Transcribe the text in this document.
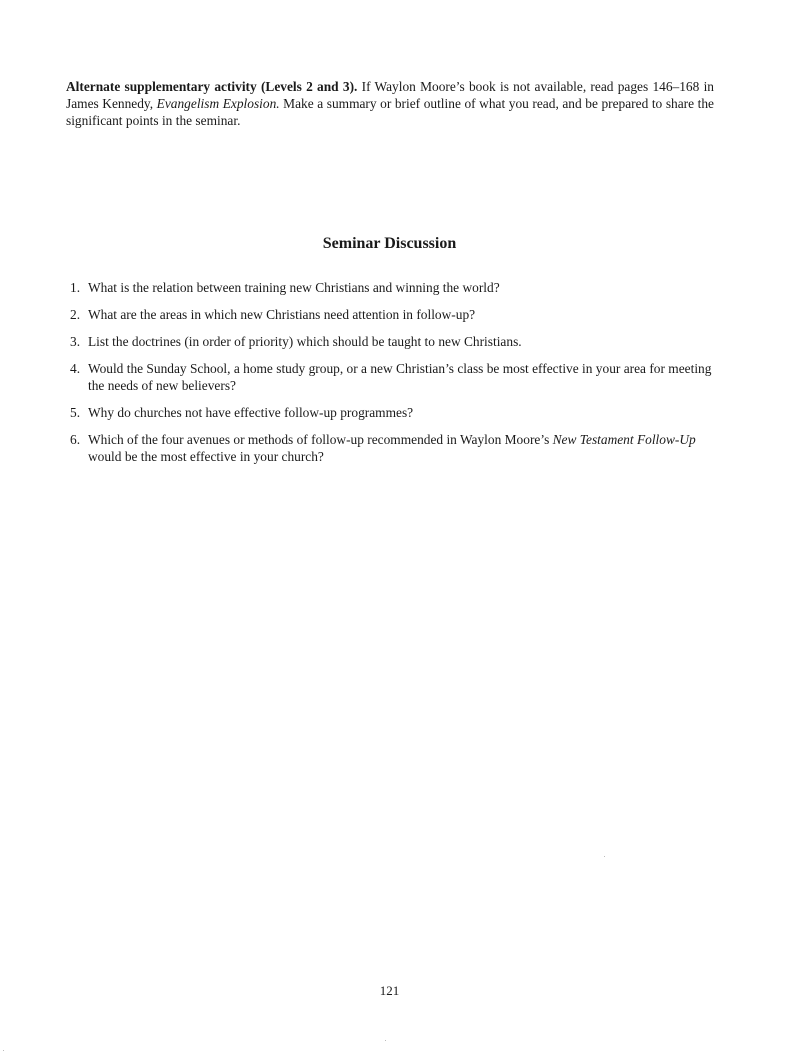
Alternate supplementary activity (Levels 2 and 3). If Waylon Moore’s book is not available, read pages 146–168 in James Kennedy, Evangelism Explosion. Make a summary or brief outline of what you read, and be prepared to share the significant points in the seminar.

Seminar Discussion
1. What is the relation between training new Christians and winning the world?
2. What are the areas in which new Christians need attention in follow-up?
3. List the doctrines (in order of priority) which should be taught to new Christians.
4. Would the Sunday School, a home study group, or a new Christian’s class be most effective in your area for meeting the needs of new believers?
5. Why do churches not have effective follow-up programmes?
6. Which of the four avenues or methods of follow-up recommended in Waylon Moore’s New Testament Follow-Up would be the most effective in your church?
121
